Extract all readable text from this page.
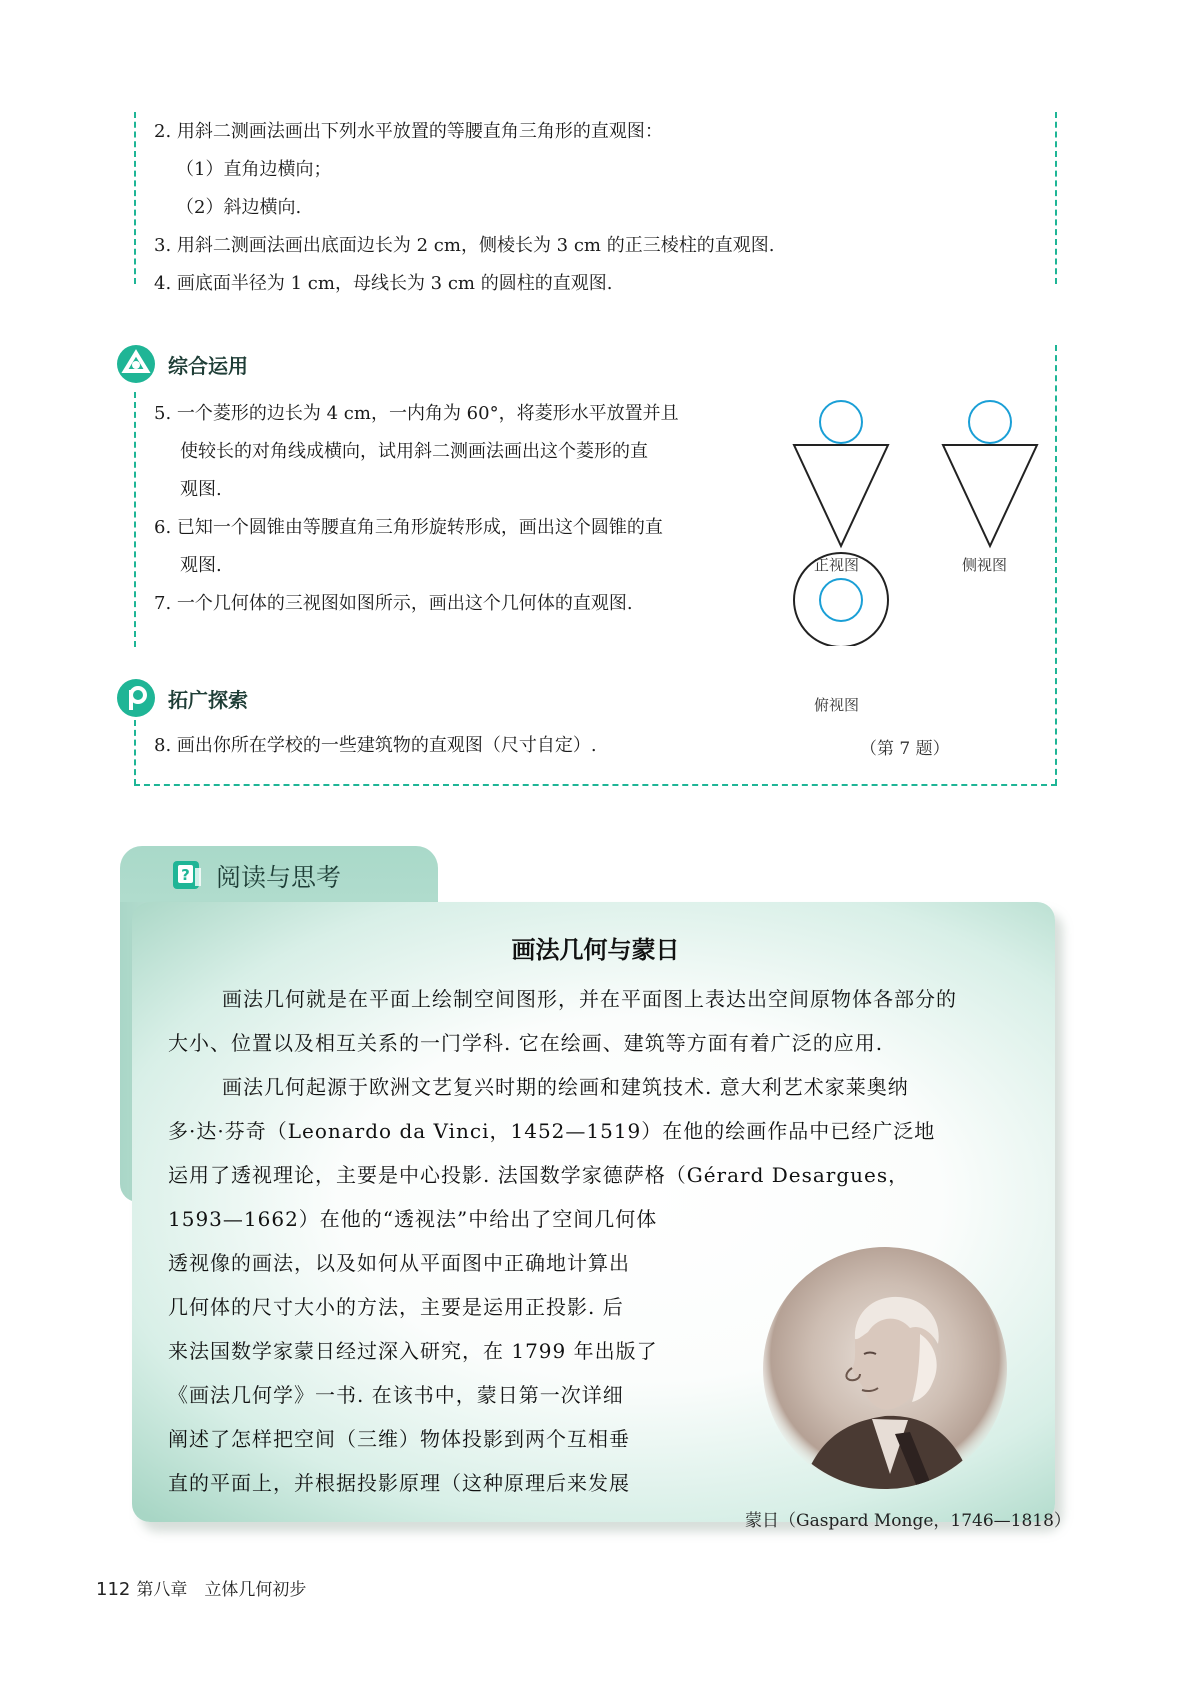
2. 用斜二测画法画出下列水平放置的等腰直角三角形的直观图：
（1）直角边横向；
（2）斜边横向.
3. 用斜二测画法画出底面边长为 2 cm，侧棱长为 3 cm 的正三棱柱的直观图.
4. 画底面半径为 1 cm，母线长为 3 cm 的圆柱的直观图.
综合运用
5. 一个菱形的边长为 4 cm，一内角为 60°，将菱形水平放置并且
使较长的对角线成横向，试用斜二测画法画出这个菱形的直
观图.
6. 已知一个圆锥由等腰直角三角形旋转形成，画出这个圆锥的直
观图.
7. 一个几何体的三视图如图所示，画出这个几何体的直观图.
正视图	侧视图
俯视图
（第 7 题）
拓广探索
8. 画出你所在学校的一些建筑物的直观图（尺寸自定）.
? 阅读与思考
画法几何与蒙日
画法几何就是在平面上绘制空间图形，并在平面图上表达出空间原物体各部分的
大小、位置以及相互关系的一门学科. 它在绘画、建筑等方面有着广泛的应用.
画法几何起源于欧洲文艺复兴时期的绘画和建筑技术. 意大利艺术家莱奥纳
多·达·芬奇（Leonardo da Vinci，1452—1519）在他的绘画作品中已经广泛地
运用了透视理论，主要是中心投影. 法国数学家德萨格（Gérard Desargues，
1593—1662）在他的“透视法”中给出了空间几何体
透视像的画法，以及如何从平面图中正确地计算出
几何体的尺寸大小的方法，主要是运用正投影. 后
来法国数学家蒙日经过深入研究，在 1799 年出版了
《画法几何学》一书. 在该书中，蒙日第一次详细
阐述了怎样把空间（三维）物体投影到两个互相垂
直的平面上，并根据投影原理（这种原理后来发展
蒙日（Gaspard Monge，1746—1818）
112 第八章　立体几何初步
